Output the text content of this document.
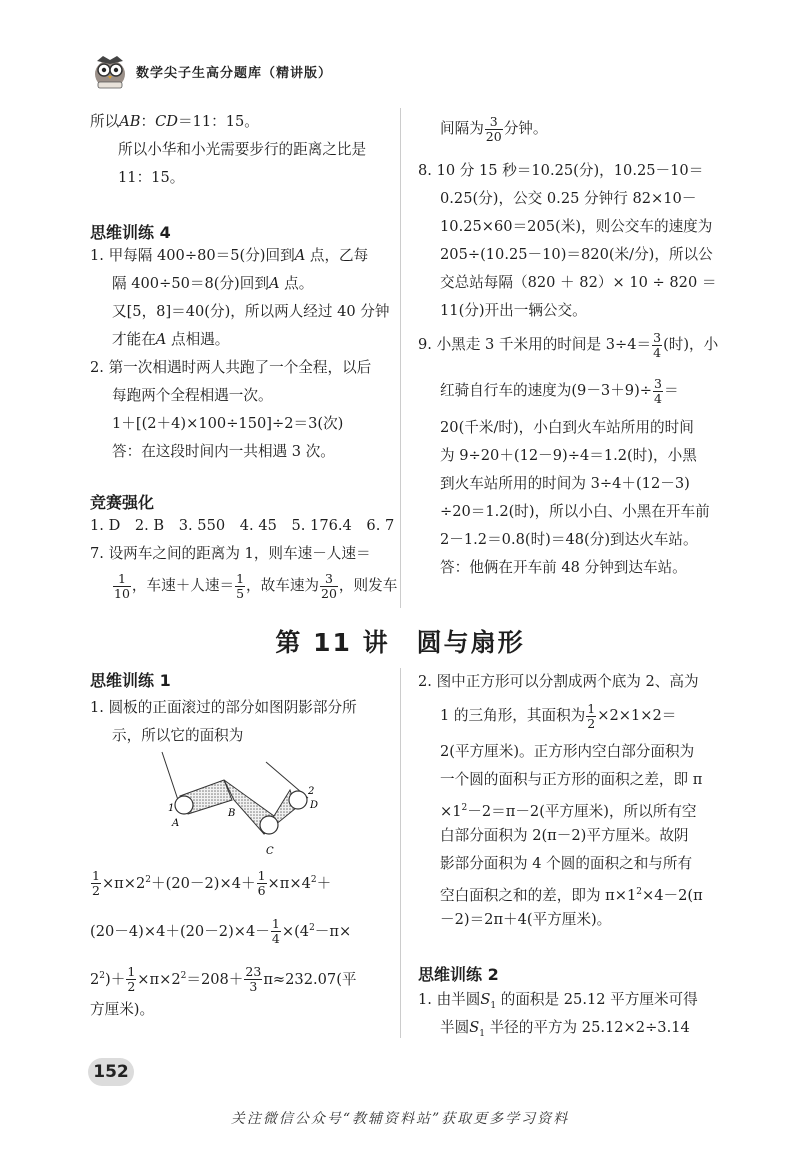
数学尖子生高分题库（精讲版）
所以AB：CD＝11：15。
所以小华和小光需要步行的距离之比是
11：15。
思维训练 4
1. 甲每隔 400÷80＝5(分)回到A 点，乙每
隔 400÷50＝8(分)回到A 点。
又[5，8]＝40(分)，所以两人经过 40 分钟
才能在A 点相遇。
2. 第一次相遇时两人共跑了一个全程，以后
每跑两个全程相遇一次。
1＋[(2＋4)×100÷150]÷2＝3(次)
答：在这段时间内一共相遇 3 次。
竞赛强化
1. D　2. B　3. 550　4. 45　5. 176.4　6. 7
7. 设两车之间的距离为 1，则车速－人速＝
$\frac{1}{10}$ ，车速＋人速＝ $\frac{1}{5}$ ，故车速为 $\frac{3}{20}$ ，则发车
间隔为 $\frac{3}{20}$ 分钟。
8. 10 分 15 秒＝10.25(分)，10.25－10＝
0.25(分)，公交 0.25 分钟行 82×10－
10.25×60＝205(米)，则公交车的速度为
205÷(10.25－10)＝820(米/分)，所以公
交总站每隔（820 ＋ 82）× 10 ÷ 820 ＝
11(分)开出一辆公交。
9. 小黑走 3 千米用的时间是 $3\div 4= \frac{3}{4}$ (时)，小
红骑自行车的速度为$(9-3+9)\div \frac{3}{4}$ ＝
20(千米/时)，小白到火车站所用的时间
为 9÷20＋(12－9)÷4＝1.2(时)，小黑
到火车站所用的时间为 3÷4＋(12－3)
÷20＝1.2(时)，所以小白、小黑在开车前
2－1.2＝0.8(时)＝48(分)到达火车站。
答：他俩在开车前 48 分钟到达车站。
第 11 讲　圆与扇形
思维训练 1
1. 圆板的正面滚过的部分如图阴影部分所
示，所以它的面积为
1
A
B
C
2
D
$\frac{1}{2} \times\pi\times 2^2+(20-2)\times 4+ \frac{1}{6} \times\pi\times 4^2+$
$(20-4)\times 4+(20-2)\times 4- \frac{1}{4} \times(4^2-\pi\times$
$2^2)+ \frac{1}{2} \times\pi\times 2^2=208+ \frac{23}{3} \pi\approx 232.07$(平
方厘米)。
2. 图中正方形可以分割成两个底为 2、高为
1 的三角形，其面积为 $\frac{1}{2} \times 2\times 1\times 2=$
2(平方厘米)。正方形内空白部分面积为
一个圆的面积与正方形的面积之差，即 π
$\times 1^2-2=\pi-2$(平方厘米)，所以所有空
白部分面积为 2(π－2)平方厘米。故阴
影部分面积为 4 个圆的面积之和与所有
空白面积之和的差，即为 $\pi\times 1^2\times 4-2(\pi$
－2)＝2π＋4(平方厘米)。
思维训练 2
1. 由半圆$S_1$ 的面积是 25.12 平方厘米可得
半圆$S_1$ 半径的平方为 25.12×2÷3.14
152
关注微信公众号“教辅资料站”获取更多学习资料
